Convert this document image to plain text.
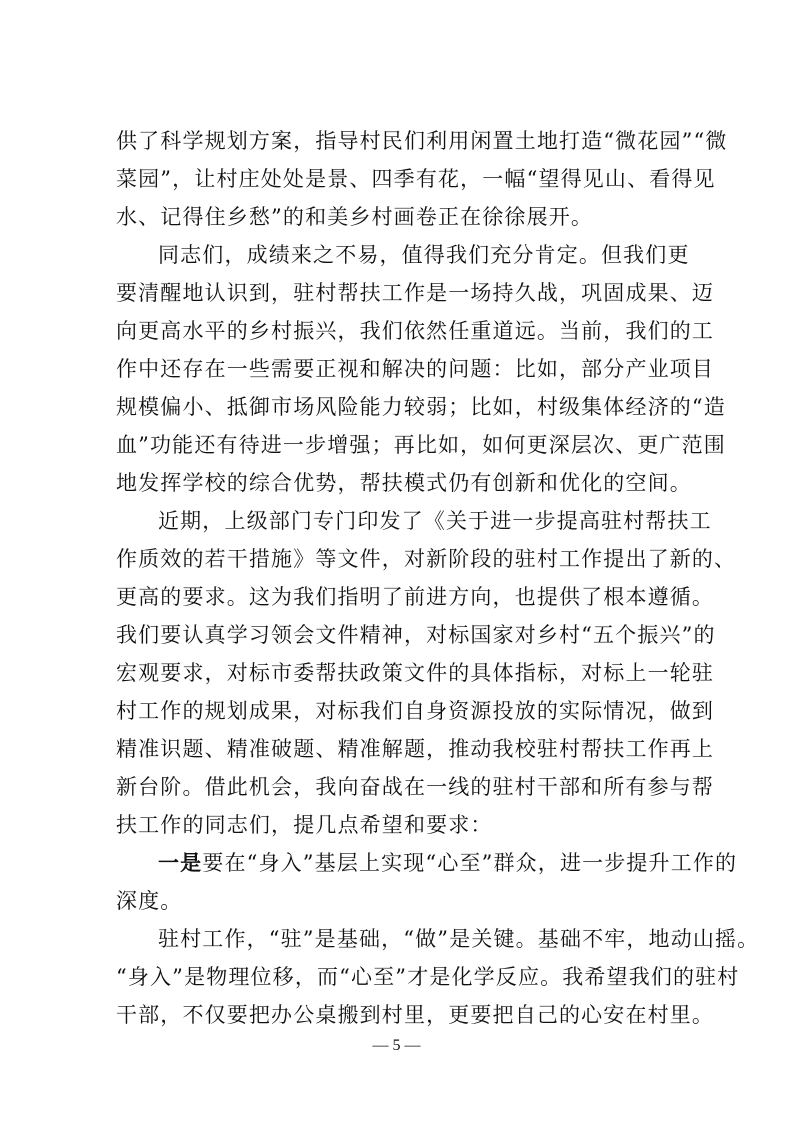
供了科学规划方案，指导村民们利用闲置土地打造“微花园”“微
菜园”，让村庄处处是景、四季有花，一幅“望得见山、看得见
水、记得住乡愁”的和美乡村画卷正在徐徐展开。
同志们，成绩来之不易，值得我们充分肯定。但我们更
要清醒地认识到，驻村帮扶工作是一场持久战，巩固成果、迈
向更高水平的乡村振兴，我们依然任重道远。当前，我们的工
作中还存在一些需要正视和解决的问题：比如，部分产业项目
规模偏小、抵御市场风险能力较弱；比如，村级集体经济的“造
血”功能还有待进一步增强；再比如，如何更深层次、更广范围
地发挥学校的综合优势，帮扶模式仍有创新和优化的空间。
近期，上级部门专门印发了《关于进一步提高驻村帮扶工
作质效的若干措施》等文件，对新阶段的驻村工作提出了新的、
更高的要求。这为我们指明了前进方向，也提供了根本遵循。
我们要认真学习领会文件精神，对标国家对乡村“五个振兴”的
宏观要求，对标市委帮扶政策文件的具体指标，对标上一轮驻
村工作的规划成果，对标我们自身资源投放的实际情况，做到
精准识题、精准破题、精准解题，推动我校驻村帮扶工作再上
新台阶。借此机会，我向奋战在一线的驻村干部和所有参与帮
扶工作的同志们，提几点希望和要求：
一是 要在“身入”基层上实现“心至”群众，进一步提升工作的
深度。
驻村工作，“驻”是基础，“做”是关键。基础不牢，地动山摇。
“身入”是物理位移，而“心至”才是化学反应。我希望我们的驻村
干部，不仅要把办公桌搬到村里，更要把自己的心安在村里。
— 5 —
